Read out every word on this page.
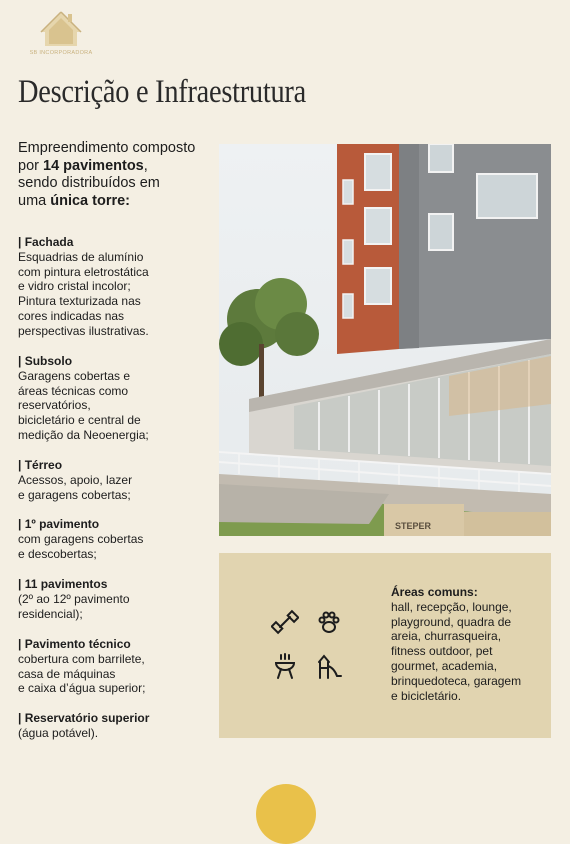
SB INCORPORADORA
Descrição e Infraestrutura
Empreendimento composto
por 14 pavimentos,
sendo distribuídos em
uma única torre:
| Fachada
Esquadrias de alumínio
com pintura eletrostática
e vidro cristal incolor;
Pintura texturizada nas
cores indicadas nas
perspectivas ilustrativas.
| Subsolo
Garagens cobertas e
áreas técnicas como
reservatórios,
bicicletário e central de
medição da Neoenergia;
| Térreo
Acessos, apoio, lazer
e garagens cobertas;
| 1º pavimento
com garagens cobertas
e descobertas;
| 11 pavimentos
(2º ao 12º pavimento
residencial);
| Pavimento técnico
cobertura com barrilete,
casa de máquinas
e caixa d’água superior;
| Reservatório superior
(água potável).
STEPER
Áreas comuns:
hall, recepção, lounge,
playground, quadra de
areia, churrasqueira,
fitness outdoor, pet
gourmet, academia,
brinquedoteca, garagem
e bicicletário.
